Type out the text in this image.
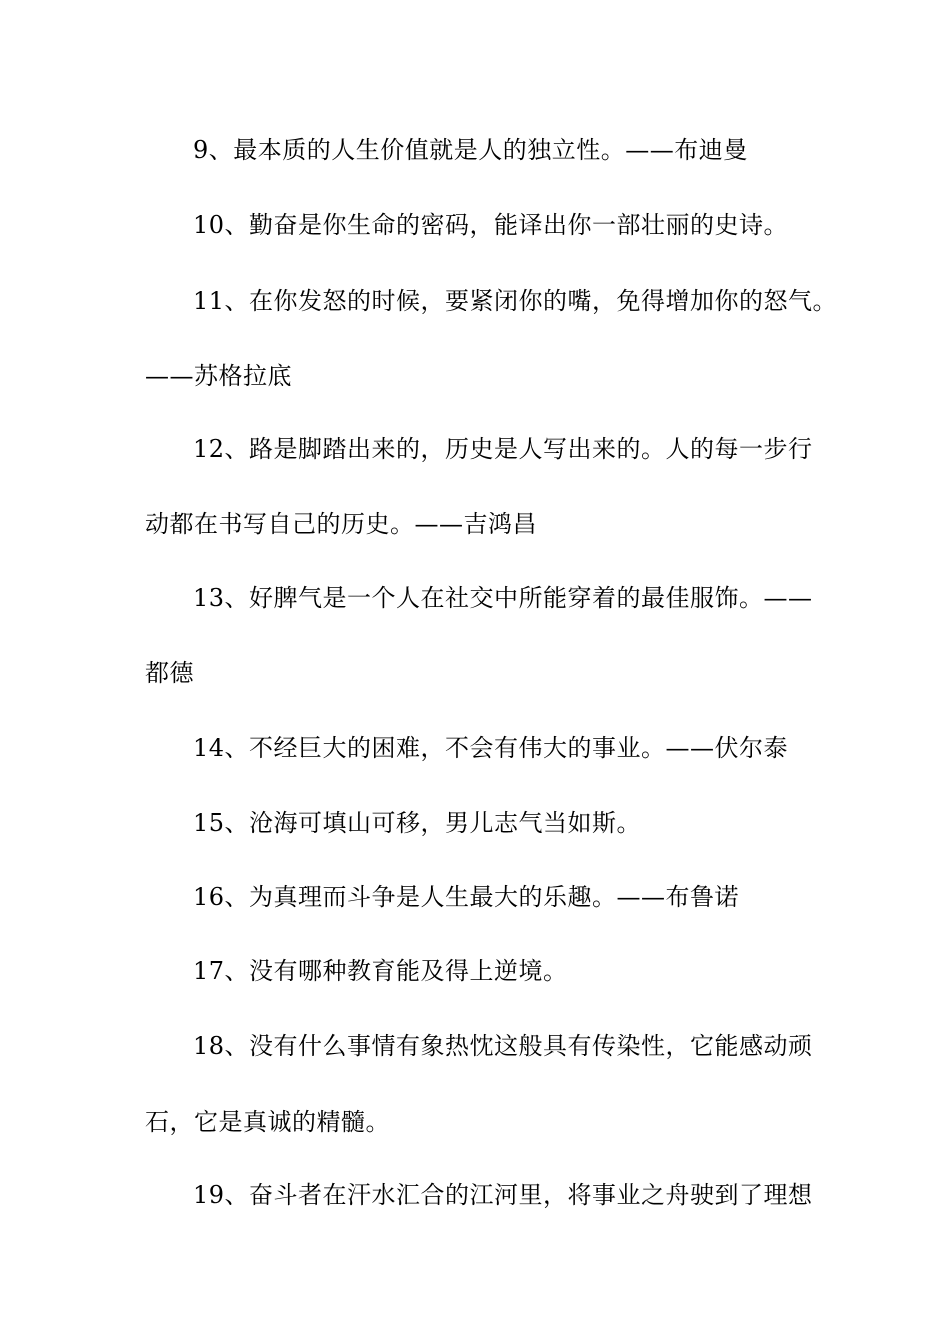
9、最本质的人生价值就是人的独立性。——布迪曼
10、勤奋是你生命的密码，能译出你一部壮丽的史诗。
11、在你发怒的时候，要紧闭你的嘴，免得增加你的怒气。
——苏格拉底
12、路是脚踏出来的，历史是人写出来的。人的每一步行
动都在书写自己的历史。——吉鸿昌
13、好脾气是一个人在社交中所能穿着的最佳服饰。——
都德
14、不经巨大的困难，不会有伟大的事业。——伏尔泰
15、沧海可填山可移，男儿志气当如斯。
16、为真理而斗争是人生最大的乐趣。——布鲁诺
17、没有哪种教育能及得上逆境。
18、没有什么事情有象热忱这般具有传染性，它能感动顽
石，它是真诚的精髓。
19、奋斗者在汗水汇合的江河里，将事业之舟驶到了理想
